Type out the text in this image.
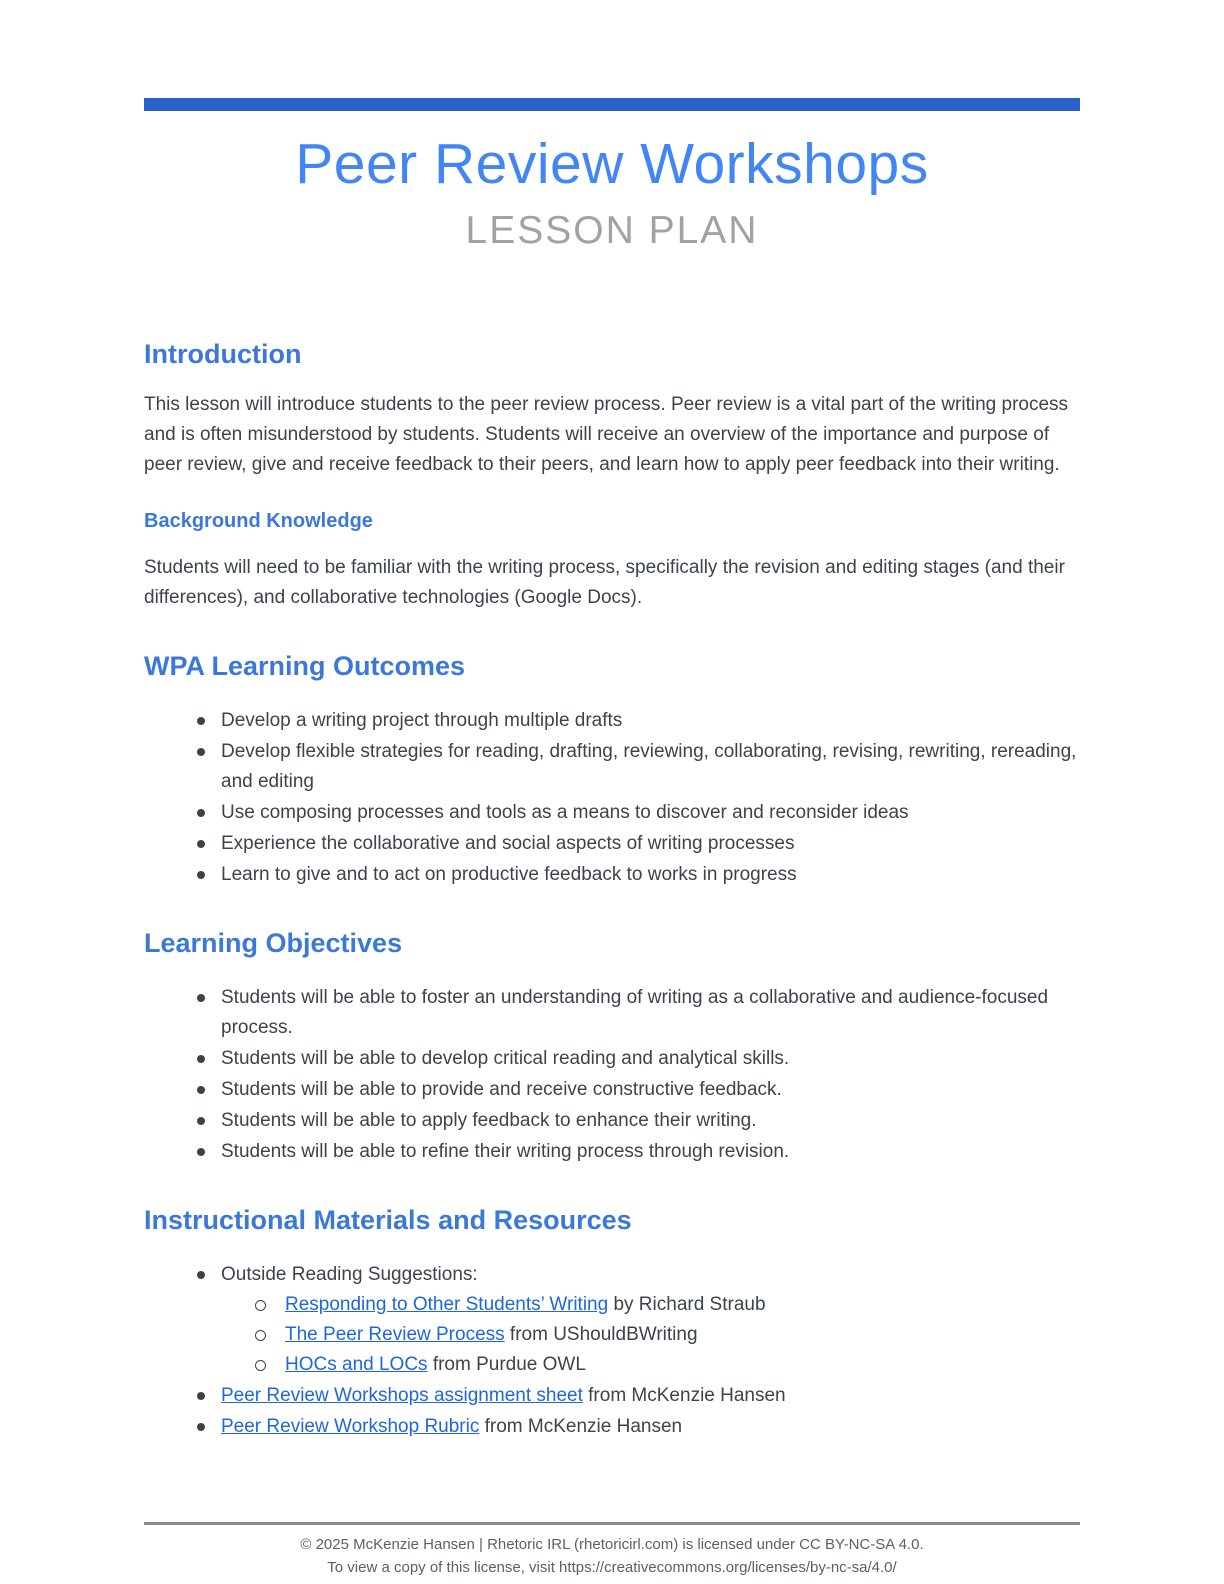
Peer Review Workshops
LESSON PLAN
Introduction

This lesson will introduce students to the peer review process. Peer review is a vital part of the writing process and is often misunderstood by students. Students will receive an overview of the importance and purpose of peer review, give and receive feedback to their peers, and learn how to apply peer feedback into their writing.

Background Knowledge

Students will need to be familiar with the writing process, specifically the revision and editing stages (and their differences), and collaborative technologies (Google Docs).

WPA Learning Outcomes
Develop a writing project through multiple drafts
Develop flexible strategies for reading, drafting, reviewing, collaborating, revising, rewriting, rereading, and editing
Use composing processes and tools as a means to discover and reconsider ideas
Experience the collaborative and social aspects of writing processes
Learn to give and to act on productive feedback to works in progress
Learning Objectives
Students will be able to foster an understanding of writing as a collaborative and audience-focused process.
Students will be able to develop critical reading and analytical skills.
Students will be able to provide and receive constructive feedback.
Students will be able to apply feedback to enhance their writing.
Students will be able to refine their writing process through revision.
Instructional Materials and Resources
Outside Reading Suggestions:
Responding to Other Students’ Writing by Richard Straub
The Peer Review Process from UShouldBWriting
HOCs and LOCs from Purdue OWL
Peer Review Workshops assignment sheet from McKenzie Hansen
Peer Review Workshop Rubric from McKenzie Hansen
© 2025 McKenzie Hansen | Rhetoric IRL (rhetoricirl.com) is licensed under CC BY-NC-SA 4.0.
To view a copy of this license, visit https://creativecommons.org/licenses/by-nc-sa/4.0/
